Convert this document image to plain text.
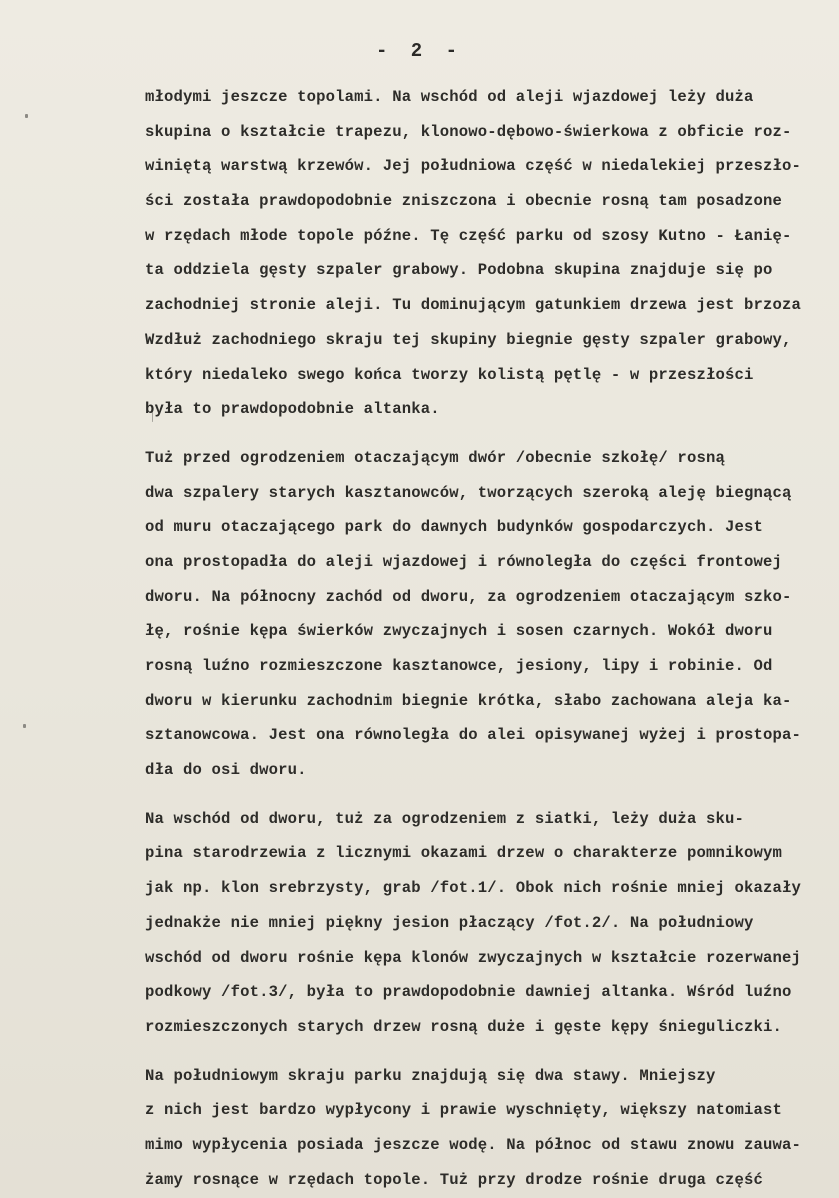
- 2 -
młodymi jeszcze topolami. Na wschód od aleji wjazdowej leży duża
skupina o kształcie trapezu, klonowo-dębowo-świerkowa z obficie roz-
winiętą warstwą krzewów. Jej południowa część w niedalekiej przeszło-
ści została prawdopodobnie zniszczona i obecnie rosną tam posadzone
w rzędach młode topole późne. Tę część parku od szosy Kutno - Łanię-
ta oddziela gęsty szpaler grabowy. Podobna skupina znajduje się po
zachodniej stronie aleji. Tu dominującym gatunkiem drzewa jest brzoza
Wzdłuż zachodniego skraju tej skupiny biegnie gęsty szpaler grabowy,
który niedaleko swego końca tworzy kolistą pętlę - w przeszłości
była to prawdopodobnie altanka.
Tuż przed ogrodzeniem otaczającym dwór /obecnie szkołę/ rosną
dwa szpalery starych kasztanowców, tworzących szeroką aleję biegnącą
od muru otaczającego park do dawnych budynków gospodarczych. Jest
ona prostopadła do aleji wjazdowej i równoległa do części frontowej
dworu. Na północny zachód od dworu, za ogrodzeniem otaczającym szko-
łę, rośnie kępa świerków zwyczajnych i sosen czarnych. Wokół dworu
rosną luźno rozmieszczone kasztanowce, jesiony, lipy i robinie. Od
dworu w kierunku zachodnim biegnie krótka, słabo zachowana aleja ka-
sztanowcowa. Jest ona równoległa do alei opisywanej wyżej i prostopa-
dła do osi dworu.
Na wschód od dworu, tuż za ogrodzeniem z siatki, leży duża sku-
pina starodrzewia z licznymi okazami drzew o charakterze pomnikowym
jak np. klon srebrzysty, grab /fot.1/. Obok nich rośnie mniej okazały
jednakże nie mniej piękny jesion płaczący /fot.2/. Na południowy
wschód od dworu rośnie kępa klonów zwyczajnych w kształcie rozerwanej
podkowy /fot.3/, była to prawdopodobnie dawniej altanka. Wśród luźno
rozmieszczonych starych drzew rosną duże i gęste kępy śnieguliczki.
Na południowym skraju parku znajdują się dwa stawy. Mniejszy
z nich jest bardzo wypłycony i prawie wyschnięty, większy natomiast
mimo wypłycenia posiada jeszcze wodę. Na północ od stawu znowu zauwa-
żamy rosnące w rzędach topole. Tuż przy drodze rośnie druga część
